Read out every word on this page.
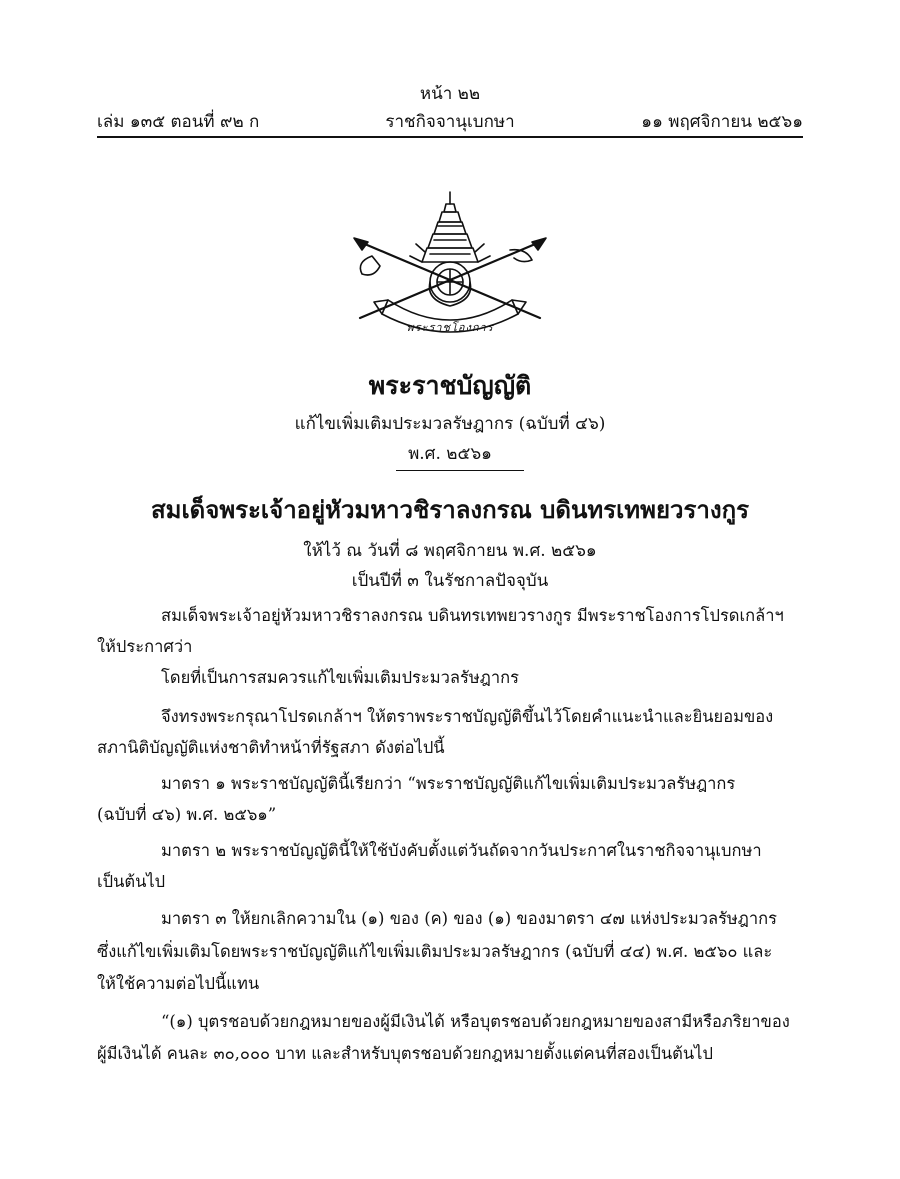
หน้า ๒๒
เล่ม ๑๓๕ ตอนที่ ๙๒ ก	ราชกิจจานุเบกษา	๑๑ พฤศจิกายน ๒๕๖๑
พระราชโองการ
พระราชบัญญัติ
แก้ไขเพิ่มเติมประมวลรัษฎากร (ฉบับที่ ๔๖)
พ.ศ. ๒๕๖๑
สมเด็จพระเจ้าอยู่หัวมหาวชิราลงกรณ บดินทรเทพยวรางกูร
ให้ไว้ ณ วันที่ ๘ พฤศจิกายน พ.ศ. ๒๕๖๑
เป็นปีที่ ๓ ในรัชกาลปัจจุบัน
สมเด็จพระเจ้าอยู่หัวมหาวชิราลงกรณ บดินทรเทพยวรางกูร มีพระราชโองการโปรดเกล้าฯ
ให้ประกาศว่า
โดยที่เป็นการสมควรแก้ไขเพิ่มเติมประมวลรัษฎากร
จึงทรงพระกรุณาโปรดเกล้าฯ ให้ตราพระราชบัญญัติขึ้นไว้โดยคำแนะนำและยินยอมของ
สภานิติบัญญัติแห่งชาติทำหน้าที่รัฐสภา ดังต่อไปนี้
มาตรา ๑ พระราชบัญญัตินี้เรียกว่า “พระราชบัญญัติแก้ไขเพิ่มเติมประมวลรัษฎากร
(ฉบับที่ ๔๖) พ.ศ. ๒๕๖๑”
มาตรา ๒ พระราชบัญญัตินี้ให้ใช้บังคับตั้งแต่วันถัดจากวันประกาศในราชกิจจานุเบกษา
เป็นต้นไป
มาตรา ๓ ให้ยกเลิกความใน (๑) ของ (ค) ของ (๑) ของมาตรา ๔๗ แห่งประมวลรัษฎากร
ซึ่งแก้ไขเพิ่มเติมโดยพระราชบัญญัติแก้ไขเพิ่มเติมประมวลรัษฎากร (ฉบับที่ ๔๔) พ.ศ. ๒๕๖๐ และ
ให้ใช้ความต่อไปนี้แทน
“(๑) บุตรชอบด้วยกฎหมายของผู้มีเงินได้ หรือบุตรชอบด้วยกฎหมายของสามีหรือภริยาของ
ผู้มีเงินได้ คนละ ๓๐,๐๐๐ บาท และสำหรับบุตรชอบด้วยกฎหมายตั้งแต่คนที่สองเป็นต้นไป
